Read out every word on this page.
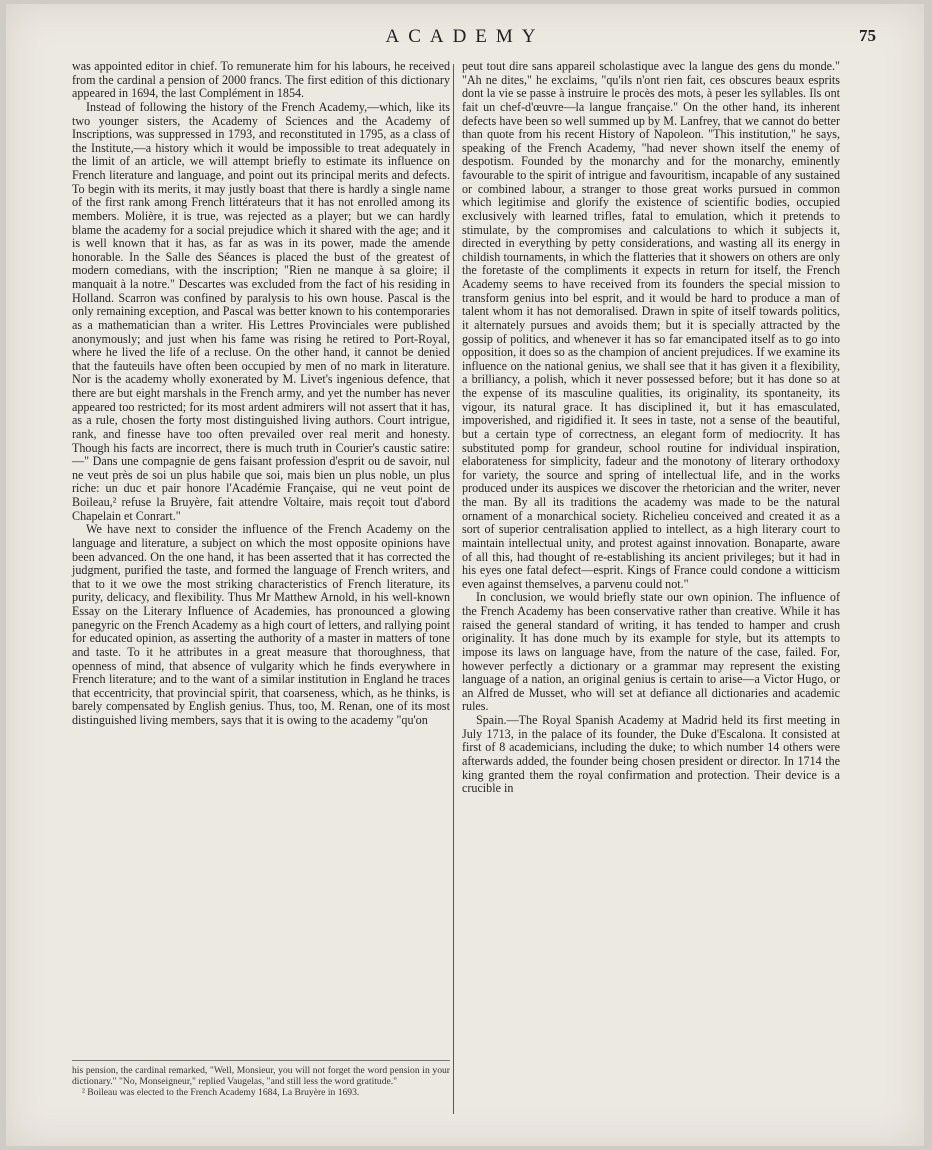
ACADEMY	75

was appointed editor in chief. To remunerate him for his labours, he received from the cardinal a pension of 2000 francs. The first edition of this dictionary appeared in 1694, the last Complément in 1854.

Instead of following the history of the French Academy,—which, like its two younger sisters, the Academy of Sciences and the Academy of Inscriptions, was suppressed in 1793, and reconstituted in 1795, as a class of the Institute,—a history which it would be impossible to treat adequately in the limit of an article, we will attempt briefly to estimate its influence on French literature and language, and point out its principal merits and defects. To begin with its merits, it may justly boast that there is hardly a single name of the first rank among French littérateurs that it has not enrolled among its members. Molière, it is true, was rejected as a player; but we can hardly blame the academy for a social prejudice which it shared with the age; and it is well known that it has, as far as was in its power, made the amende honorable. In the Salle des Séances is placed the bust of the greatest of modern comedians, with the inscription; "Rien ne manque à sa gloire; il manquait à la notre." Descartes was excluded from the fact of his residing in Holland. Scarron was confined by paralysis to his own house. Pascal is the only remaining exception, and Pascal was better known to his contemporaries as a mathematician than a writer. His Lettres Provinciales were published anonymously; and just when his fame was rising he retired to Port-Royal, where he lived the life of a recluse. On the other hand, it cannot be denied that the fauteuils have often been occupied by men of no mark in literature. Nor is the academy wholly exonerated by M. Livet's ingenious defence, that there are but eight marshals in the French army, and yet the number has never appeared too restricted; for its most ardent admirers will not assert that it has, as a rule, chosen the forty most distinguished living authors. Court intrigue, rank, and finesse have too often prevailed over real merit and honesty. Though his facts are incorrect, there is much truth in Courier's caustic satire:—" Dans une compagnie de gens faisant profession d'esprit ou de savoir, nul ne veut près de soi un plus habile que soi, mais bien un plus noble, un plus riche: un duc et pair honore l'Académie Française, qui ne veut point de Boileau,² refuse la Bruyère, fait attendre Voltaire, mais reçoit tout d'abord Chapelain et Conrart."

We have next to consider the influence of the French Academy on the language and literature, a subject on which the most opposite opinions have been advanced. On the one hand, it has been asserted that it has corrected the judgment, purified the taste, and formed the language of French writers, and that to it we owe the most striking characteristics of French literature, its purity, delicacy, and flexibility. Thus Mr Matthew Arnold, in his well-known Essay on the Literary Influence of Academies, has pronounced a glowing panegyric on the French Academy as a high court of letters, and rallying point for educated opinion, as asserting the authority of a master in matters of tone and taste. To it he attributes in a great measure that thoroughness, that openness of mind, that absence of vulgarity which he finds everywhere in French literature; and to the want of a similar institution in England he traces that eccentricity, that provincial spirit, that coarseness, which, as he thinks, is barely compensated by English genius. Thus, too, M. Renan, one of its most distinguished living members, says that it is owing to the academy "qu'on

peut tout dire sans appareil scholastique avec la langue des gens du monde." "Ah ne dites," he exclaims, "qu'ils n'ont rien fait, ces obscures beaux esprits dont la vie se passe à instruire le procès des mots, à peser les syllables. Ils ont fait un chef-d'œuvre—la langue française." On the other hand, its inherent defects have been so well summed up by M. Lanfrey, that we cannot do better than quote from his recent History of Napoleon. "This institution," he says, speaking of the French Academy, "had never shown itself the enemy of despotism. Founded by the monarchy and for the monarchy, eminently favourable to the spirit of intrigue and favouritism, incapable of any sustained or combined labour, a stranger to those great works pursued in common which legitimise and glorify the existence of scientific bodies, occupied exclusively with learned trifles, fatal to emulation, which it pretends to stimulate, by the compromises and calculations to which it subjects it, directed in everything by petty considerations, and wasting all its energy in childish tournaments, in which the flatteries that it showers on others are only the foretaste of the compliments it expects in return for itself, the French Academy seems to have received from its founders the special mission to transform genius into bel esprit, and it would be hard to produce a man of talent whom it has not demoralised. Drawn in spite of itself towards politics, it alternately pursues and avoids them; but it is specially attracted by the gossip of politics, and whenever it has so far emancipated itself as to go into opposition, it does so as the champion of ancient prejudices. If we examine its influence on the national genius, we shall see that it has given it a flexibility, a brilliancy, a polish, which it never possessed before; but it has done so at the expense of its masculine qualities, its originality, its spontaneity, its vigour, its natural grace. It has disciplined it, but it has emasculated, impoverished, and rigidified it. It sees in taste, not a sense of the beautiful, but a certain type of correctness, an elegant form of mediocrity. It has substituted pomp for grandeur, school routine for individual inspiration, elaborateness for simplicity, fadeur and the monotony of literary orthodoxy for variety, the source and spring of intellectual life, and in the works produced under its auspices we discover the rhetorician and the writer, never the man. By all its traditions the academy was made to be the natural ornament of a monarchical society. Richelieu conceived and created it as a sort of superior centralisation applied to intellect, as a high literary court to maintain intellectual unity, and protest against innovation. Bonaparte, aware of all this, had thought of re-establishing its ancient privileges; but it had in his eyes one fatal defect—esprit. Kings of France could condone a witticism even against themselves, a parvenu could not."

In conclusion, we would briefly state our own opinion. The influence of the French Academy has been conservative rather than creative. While it has raised the general standard of writing, it has tended to hamper and crush originality. It has done much by its example for style, but its attempts to impose its laws on language have, from the nature of the case, failed. For, however perfectly a dictionary or a grammar may represent the existing language of a nation, an original genius is certain to arise—a Victor Hugo, or an Alfred de Musset, who will set at defiance all dictionaries and academic rules.

Spain.—The Royal Spanish Academy at Madrid held its first meeting in July 1713, in the palace of its founder, the Duke d'Escalona. It consisted at first of 8 academicians, including the duke; to which number 14 others were afterwards added, the founder being chosen president or director. In 1714 the king granted them the royal confirmation and protection. Their device is a crucible in

his pension, the cardinal remarked, "Well, Monsieur, you will not forget the word pension in your dictionary." "No, Monseigneur," replied Vaugelas, "and still less the word gratitude."

² Boileau was elected to the French Academy 1684, La Bruyère in 1693.
